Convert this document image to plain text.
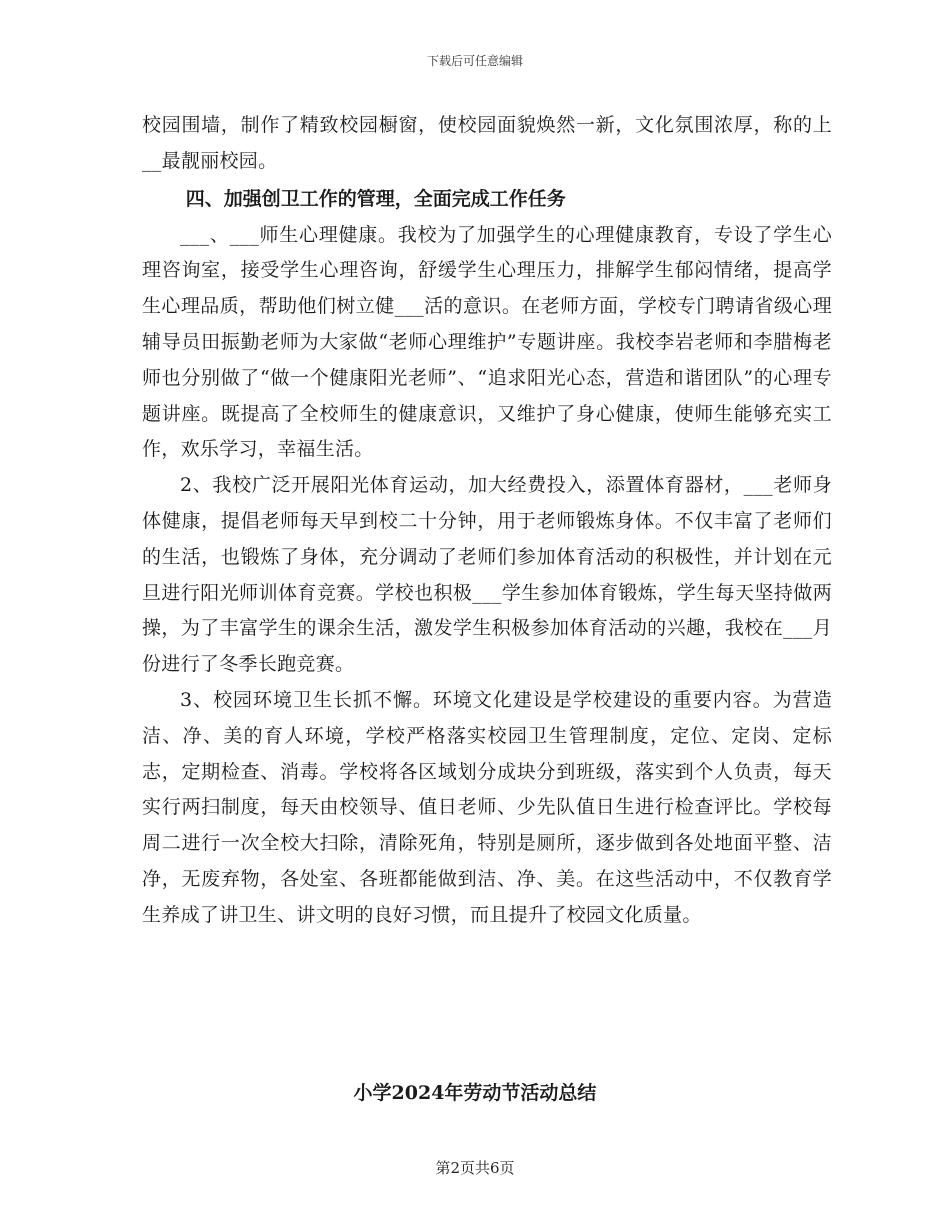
下载后可任意编辑

校园围墙，制作了精致校园橱窗，使校园面貌焕然一新，文化氛围浓厚，称的上__最靓丽校园。

四、加强创卫工作的管理，全面完成工作任务

___、___师生心理健康。我校为了加强学生的心理健康教育，专设了学生心理咨询室，接受学生心理咨询，舒缓学生心理压力，排解学生郁闷情绪，提高学生心理品质，帮助他们树立健___活的意识。在老师方面，学校专门聘请省级心理辅导员田振勤老师为大家做“老师心理维护”专题讲座。我校李岩老师和李腊梅老师也分别做了“做一个健康阳光老师”、“追求阳光心态，营造和谐团队”的心理专题讲座。既提高了全校师生的健康意识，又维护了身心健康，使师生能够充实工作，欢乐学习，幸福生活。

2、我校广泛开展阳光体育运动，加大经费投入，添置体育器材，___老师身体健康，提倡老师每天早到校二十分钟，用于老师锻炼身体。不仅丰富了老师们的生活，也锻炼了身体，充分调动了老师们参加体育活动的积极性，并计划在元旦进行阳光师训体育竞赛。学校也积极___学生参加体育锻炼，学生每天坚持做两操，为了丰富学生的课余生活，激发学生积极参加体育活动的兴趣，我校在___月份进行了冬季长跑竞赛。

3、校园环境卫生长抓不懈。环境文化建设是学校建设的重要内容。为营造洁、净、美的育人环境，学校严格落实校园卫生管理制度，定位、定岗、定标志，定期检查、消毒。学校将各区域划分成块分到班级，落实到个人负责，每天实行两扫制度，每天由校领导、值日老师、少先队值日生进行检查评比。学校每周二进行一次全校大扫除，清除死角，特别是厕所，逐步做到各处地面平整、洁净，无废弃物，各处室、各班都能做到洁、净、美。在这些活动中，不仅教育学生养成了讲卫生、讲文明的良好习惯，而且提升了校园文化质量。

小学2024年劳动节活动总结
第2页共6页
